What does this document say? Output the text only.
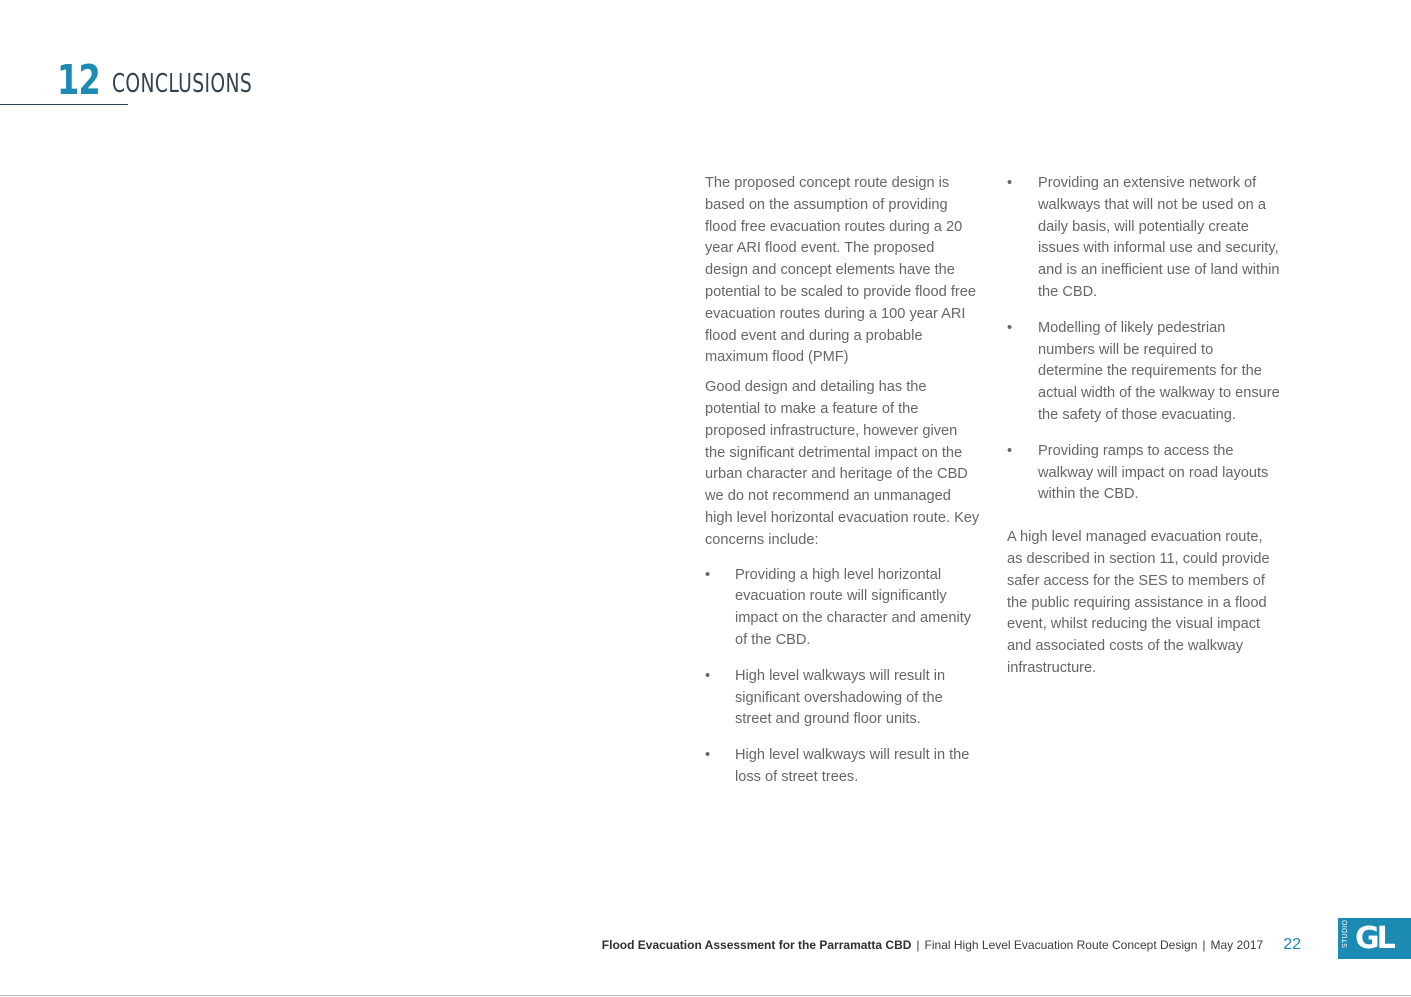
12 CONCLUSIONS

The proposed concept route design is based on the assumption of providing flood free evacuation routes during a 20 year ARI flood event. The proposed design and concept elements have the potential to be scaled to provide flood free evacuation routes during a 100 year ARI flood event and during a probable maximum flood (PMF)

Good design and detailing has the potential to make a feature of the proposed infrastructure, however given the significant detrimental impact on the urban character and heritage of the CBD we do not recommend an unmanaged high level horizontal evacuation route. Key concerns include:

• Providing a high level horizontal evacuation route will significantly impact on the character and amenity of the CBD.
• High level walkways will result in significant overshadowing of the street and ground floor units.
• High level walkways will result in the loss of street trees.
• Providing an extensive network of walkways that will not be used on a daily basis, will potentially create issues with informal use and security, and is an inefficient use of land within the CBD.
• Modelling of likely pedestrian numbers will be required to determine the requirements for the actual width of the walkway to ensure the safety of those evacuating.
• Providing ramps to access the walkway will impact on road layouts within the CBD.

A high level managed evacuation route, as described in section 11, could provide safer access for the SES to members of the public requiring assistance in a flood event, whilst reducing the visual impact and associated costs of the walkway infrastructure.

Flood Evacuation Assessment for the Parramatta CBD | Final High Level Evacuation Route Concept Design | May 2017 22	STUDIO GL
